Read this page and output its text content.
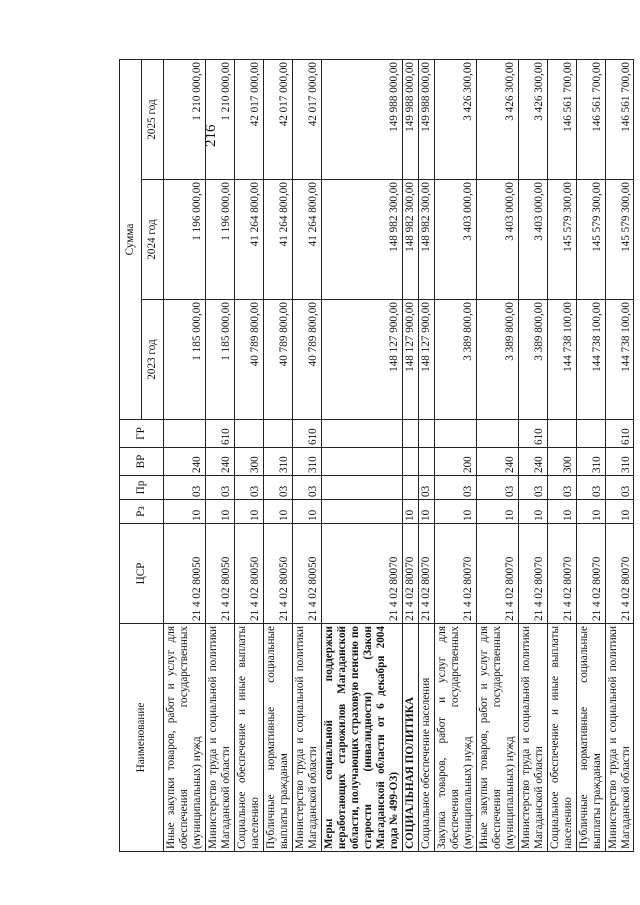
216
Наименование	ЦСР	Рз	Пр	ВР	ГР	Сумма		
						2023 год	2024 год	2025 год
Иные закупки товаров, работ и услуг для обеспечения государственных (муниципальных) нужд	21 4 02 80050	10	03	240		1 185 000,00	1 196 000,00	1 210 000,00
Министерство труда и социальной политики Магаданской области	21 4 02 80050	10	03	240	610	1 185 000,00	1 196 000,00	1 210 000,00
Социальное обеспечение и иные выплаты населению	21 4 02 80050	10	03	300		40 789 800,00	41 264 800,00	42 017 000,00
Публичные нормативные социальные выплаты гражданам	21 4 02 80050	10	03	310		40 789 800,00	41 264 800,00	42 017 000,00
Министерство труда и социальной политики Магаданской области	21 4 02 80050	10	03	310	610	40 789 800,00	41 264 800,00	42 017 000,00
Меры социальной поддержки неработающих старожилов Магаданской области, получающих страховую пенсию по старости (инвалидности) (Закон Магаданской области от 6 декабря 2004 года № 499-ОЗ)	21 4 02 80070					148 127 900,00	148 982 300,00	149 988 000,00
СОЦИАЛЬНАЯ ПОЛИТИКА	21 4 02 80070	10				148 127 900,00	148 982 300,00	149 988 000,00
Социальное обеспечение населения	21 4 02 80070	10	03			148 127 900,00	148 982 300,00	149 988 000,00
Закупка товаров, работ и услуг для обеспечения государственных (муниципальных) нужд	21 4 02 80070	10	03	200		3 389 800,00	3 403 000,00	3 426 300,00
Иные закупки товаров, работ и услуг для обеспечения государственных (муниципальных) нужд	21 4 02 80070	10	03	240		3 389 800,00	3 403 000,00	3 426 300,00
Министерство труда и социальной политики Магаданской области	21 4 02 80070	10	03	240	610	3 389 800,00	3 403 000,00	3 426 300,00
Социальное обеспечение и иные выплаты населению	21 4 02 80070	10	03	300		144 738 100,00	145 579 300,00	146 561 700,00
Публичные нормативные социальные выплаты гражданам	21 4 02 80070	10	03	310		144 738 100,00	145 579 300,00	146 561 700,00
Министерство труда и социальной политики Магаданской области	21 4 02 80070	10	03	310	610	144 738 100,00	145 579 300,00	146 561 700,00
